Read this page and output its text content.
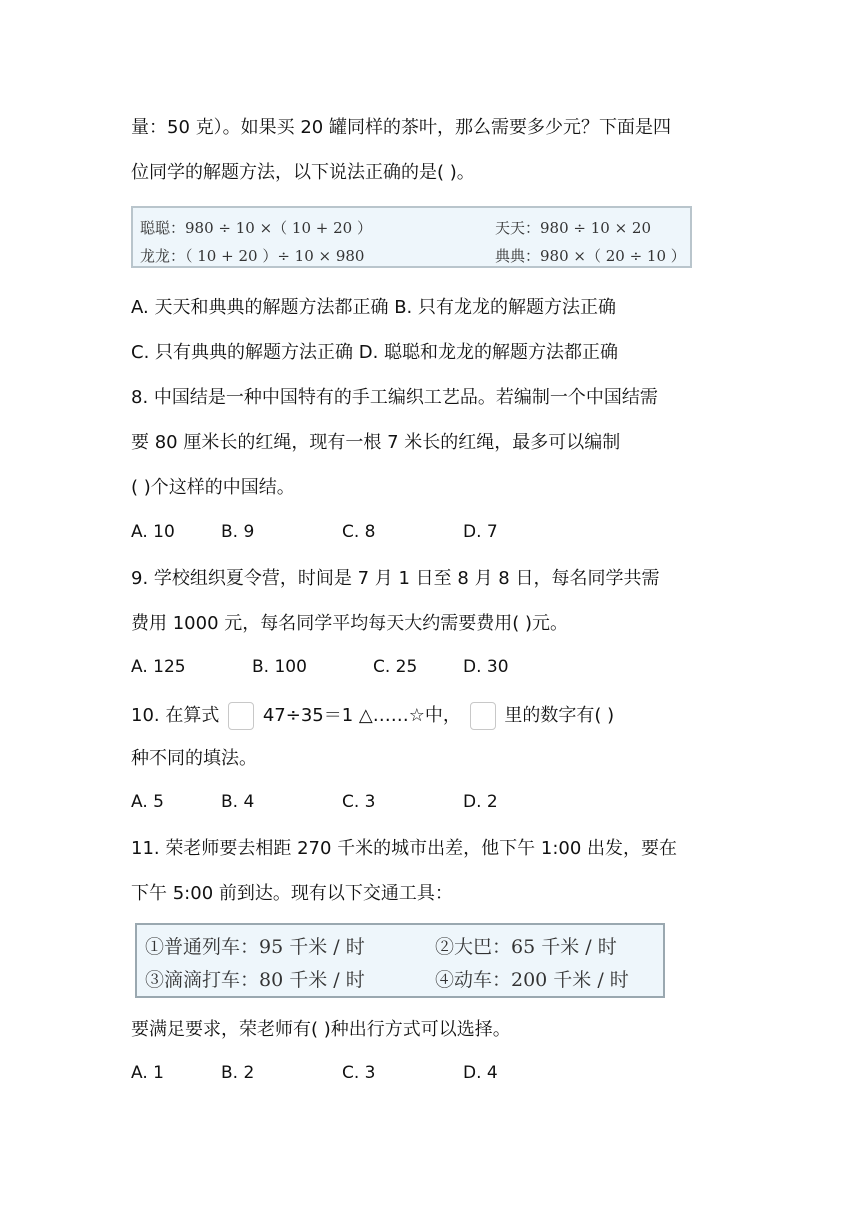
量：50 克）。如果买 20 罐同样的茶叶，那么需要多少元？下面是四
位同学的解题方法，以下说法正确的是( )。
聪聪：980 ÷ 10 ×（ 10 + 20 ）	天天：980 ÷ 10 × 20
龙龙：（ 10 + 20 ）÷ 10 × 980	典典：980 ×（ 20 ÷ 10 ）
A. 天天和典典的解题方法都正确 B. 只有龙龙的解题方法正确
C. 只有典典的解题方法正确 D. 聪聪和龙龙的解题方法都正确
8. 中国结是一种中国特有的手工编织工艺品。若编制一个中国结需
要 80 厘米长的红绳，现有一根 7 米长的红绳，最多可以编制
( )个这样的中国结。
A. 10	B. 9	C. 8	D. 7
9. 学校组织夏令营，时间是 7 月 1 日至 8 月 8 日，每名同学共需
费用 1000 元，每名同学平均每天大约需要费用( )元。
A. 125	B. 100	C. 25	D. 30
10. 在算式 47÷35＝1 △……☆中， 里的数字有( )
种不同的填法。
A. 5	B. 4	C. 3	D. 2
11. 荣老师要去相距 270 千米的城市出差，他下午 1:00 出发，要在
下午 5:00 前到达。现有以下交通工具：
①普通列车：95 千米 / 时	②大巴：65 千米 / 时
③滴滴打车：80 千米 / 时	④动车：200 千米 / 时
要满足要求，荣老师有( )种出行方式可以选择。
A. 1	B. 2	C. 3	D. 4
